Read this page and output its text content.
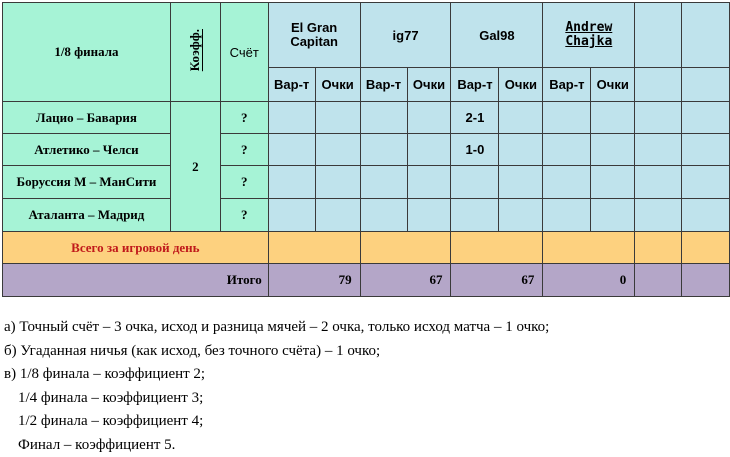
1/8 финала	Коэфф.	Счёт	El Gran Capitan		ig77		Gal98		Andrew Chajka			
			Вар-т	Очки	Вар-т	Очки	Вар-т	Очки	Вар-т	Очки		
Лацио – Бавария	2	?					2-1					
Атлетико – Челси		?					1-0					
Боруссия М – МанСити		?										
Аталанта – Мадрид		?										
Всего за игровой день												
Итого			79		67		67		0			
а) Точный счёт – 3 очка, исход и разница мячей – 2 очка, только исход матча – 1 очко;
б) Угаданная ничья (как исход, без точного счёта) – 1 очко;
в) 1/8 финала – коэффициент 2;
1/4 финала – коэффициент 3;
1/2 финала – коэффициент 4;
Финал – коэффициент 5.
